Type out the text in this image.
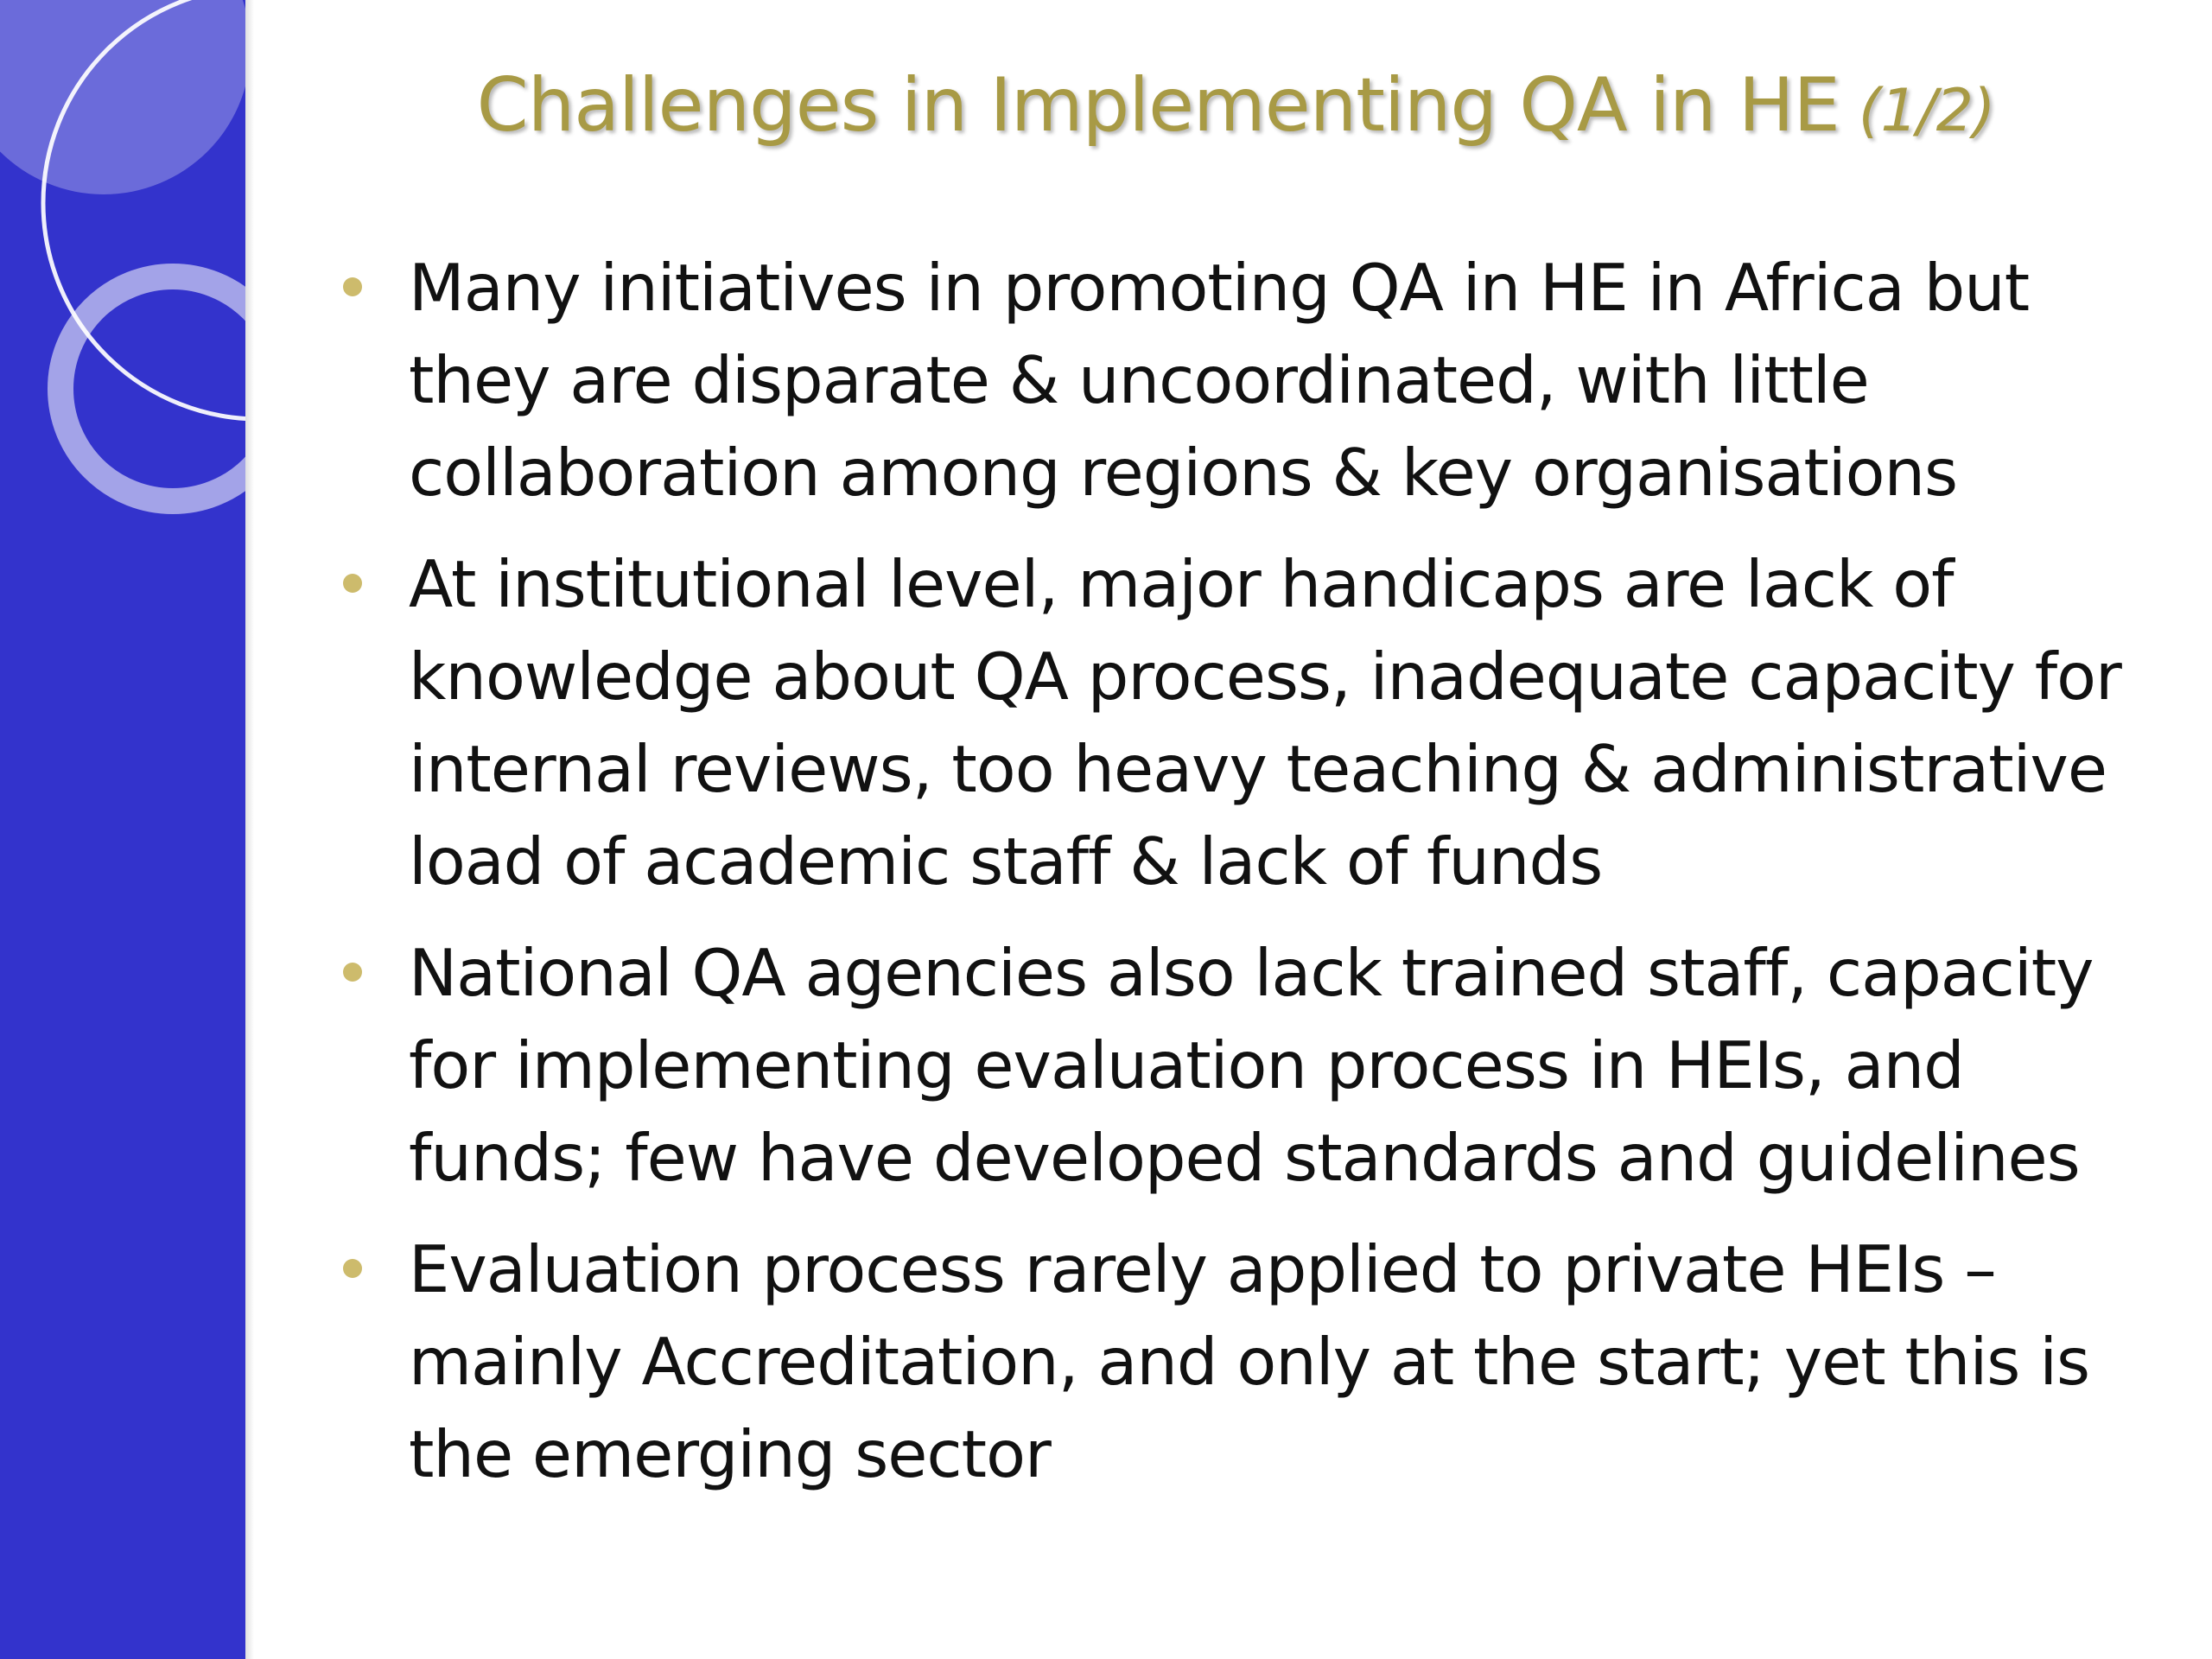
Challenges in Implementing QA in HE (1/2)
Many initiatives in promoting QA in HE in Africa but they are disparate & uncoordinated, with little collaboration among regions & key organisations
At institutional level, major handicaps are lack of knowledge about QA process, inadequate capacity for internal reviews, too heavy teaching & administrative load of academic staff & lack of funds
National QA agencies also lack trained staff, capacity for implementing evaluation process in HEIs, and funds; few have developed standards and guidelines
Evaluation process rarely applied to private HEIs – mainly Accreditation, and only at the start; yet this is the emerging sector
